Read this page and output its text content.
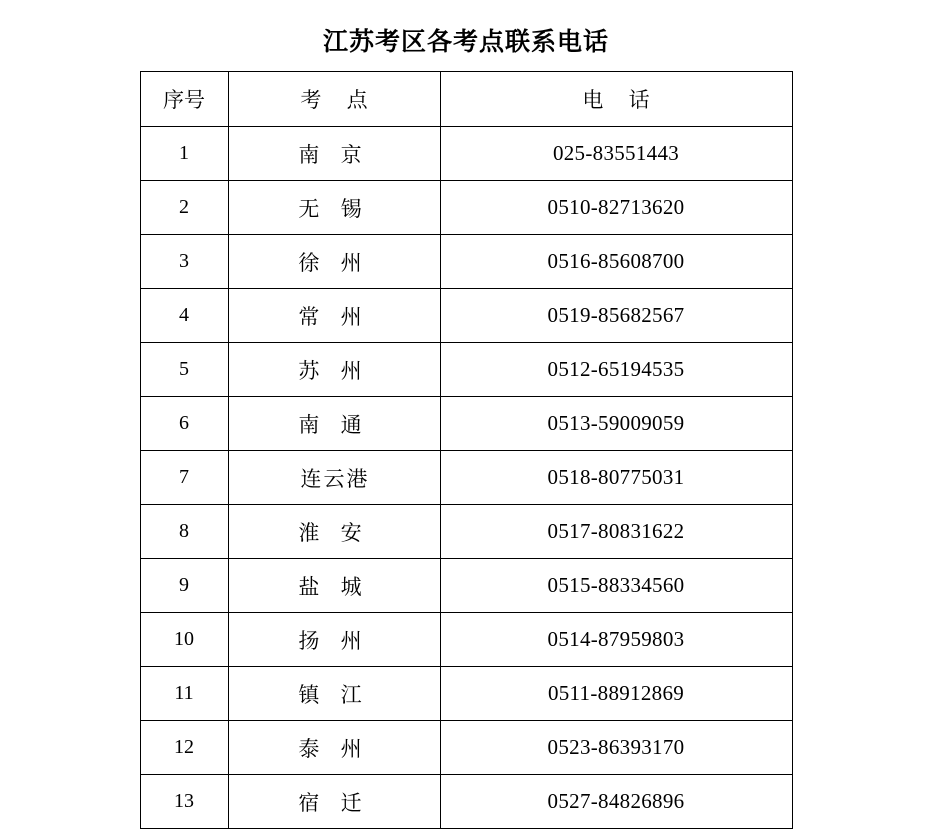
江苏考区各考点联系电话
序号	考 点	电 话
1	南 京	025-83551443
2	无 锡	0510-82713620
3	徐 州	0516-85608700
4	常 州	0519-85682567
5	苏 州	0512-65194535
6	南 通	0513-59009059
7	连云港	0518-80775031
8	淮 安	0517-80831622
9	盐 城	0515-88334560
10	扬 州	0514-87959803
11	镇 江	0511-88912869
12	泰 州	0523-86393170
13	宿 迁	0527-84826896
